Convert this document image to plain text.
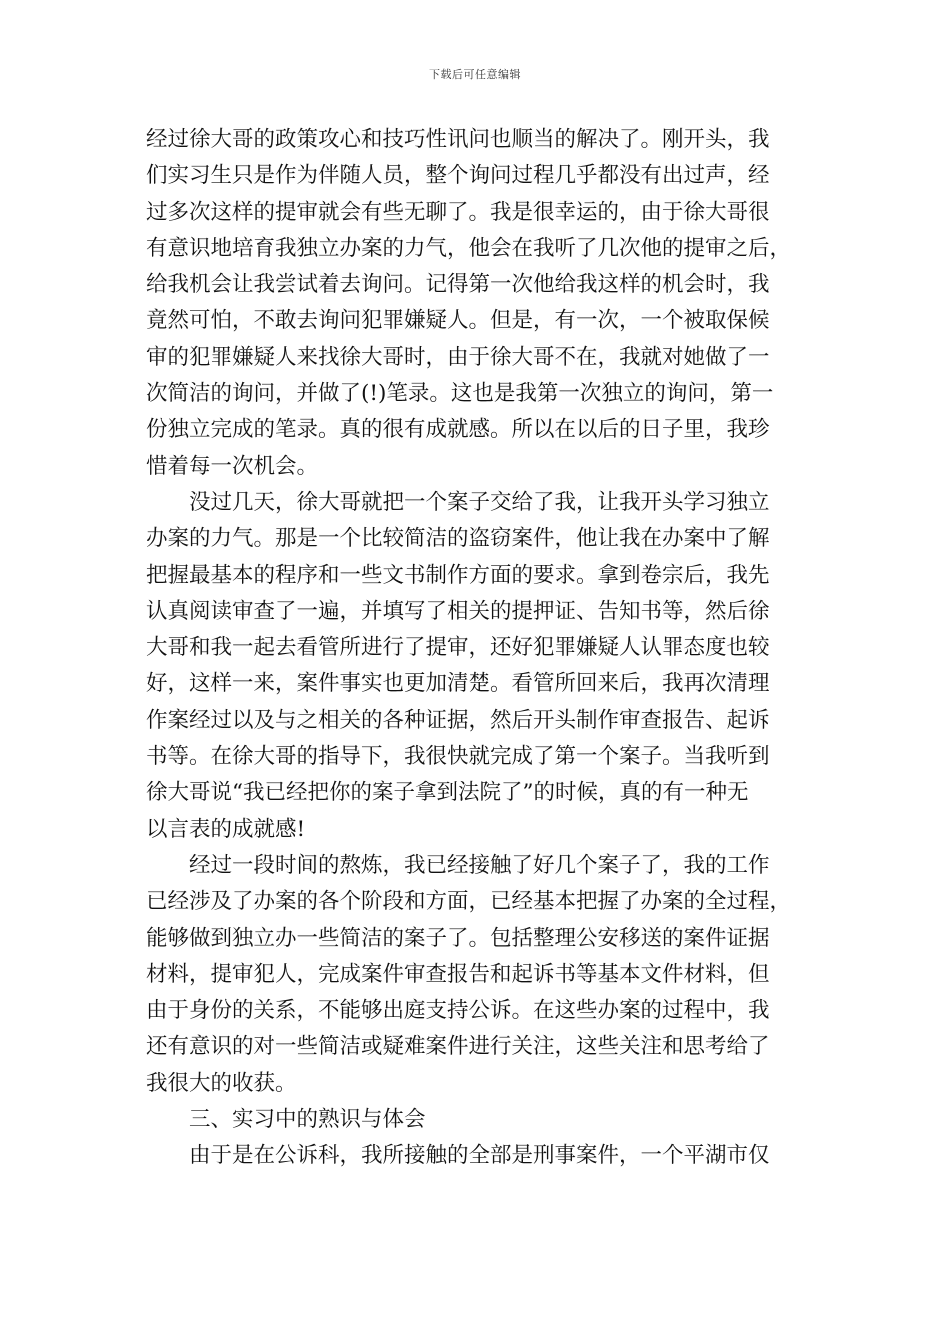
下载后可任意编辑
经过徐大哥的政策攻心和技巧性讯问也顺当的解决了。刚开头，我
们实习生只是作为伴随人员，整个询问过程几乎都没有出过声，经
过多次这样的提审就会有些无聊了。我是很幸运的，由于徐大哥很
有意识地培育我独立办案的力气，他会在我听了几次他的提审之后，
给我机会让我尝试着去询问。记得第一次他给我这样的机会时，我
竟然可怕，不敢去询问犯罪嫌疑人。但是，有一次，一个被取保候
审的犯罪嫌疑人来找徐大哥时，由于徐大哥不在，我就对她做了一
次简洁的询问，并做了(!)笔录。这也是我第一次独立的询问，第一
份独立完成的笔录。真的很有成就感。所以在以后的日子里，我珍
惜着每一次机会。
没过几天，徐大哥就把一个案子交给了我，让我开头学习独立
办案的力气。那是一个比较简洁的盗窃案件，他让我在办案中了解
把握最基本的程序和一些文书制作方面的要求。拿到卷宗后，我先
认真阅读审查了一遍，并填写了相关的提押证、告知书等，然后徐
大哥和我一起去看管所进行了提审，还好犯罪嫌疑人认罪态度也较
好，这样一来，案件事实也更加清楚。看管所回来后，我再次清理
作案经过以及与之相关的各种证据，然后开头制作审查报告、起诉
书等。在徐大哥的指导下，我很快就完成了第一个案子。当我听到
徐大哥说“我已经把你的案子拿到法院了”的时候，真的有一种无
以言表的成就感!
经过一段时间的熬炼，我已经接触了好几个案子了，我的工作
已经涉及了办案的各个阶段和方面，已经基本把握了办案的全过程，
能够做到独立办一些简洁的案子了。包括整理公安移送的案件证据
材料，提审犯人，完成案件审查报告和起诉书等基本文件材料，但
由于身份的关系，不能够出庭支持公诉。在这些办案的过程中，我
还有意识的对一些简洁或疑难案件进行关注，这些关注和思考给了
我很大的收获。
三、实习中的熟识与体会
由于是在公诉科，我所接触的全部是刑事案件，一个平湖市仅
